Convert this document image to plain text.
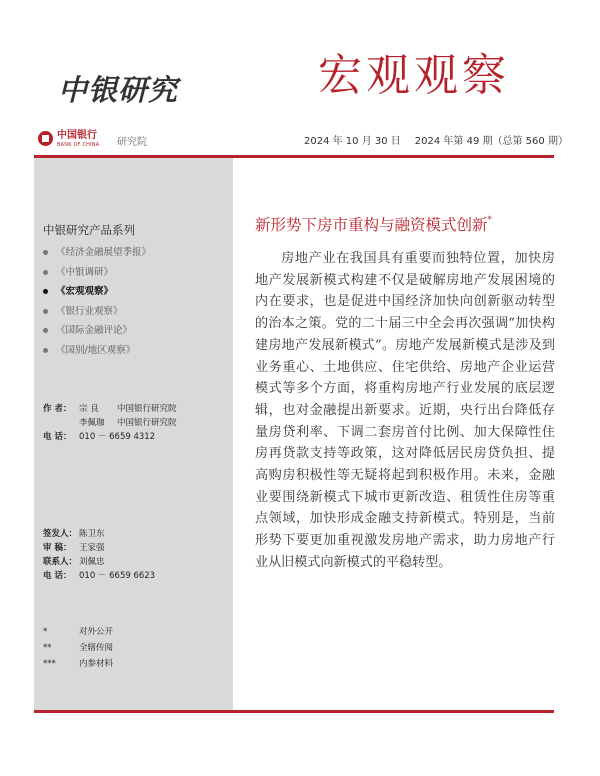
中银研究	宏观观察
中国银行
BANK OF CHINA 研究院	2024 年 10 月 30 日 2024 年第 49 期（总第 560 期）
中银研究产品系列
《经济金融展望季报》
《中银调研》
《宏观观察》
《银行业观察》
《国际金融评论》
《国别/地区观察》
作 者： 宗 良 中国银行研究院
李佩珈 中国银行研究院
电 话： 010 － 6659 4312
签发人： 陈卫东
审 稿： 王家强
联系人： 刘佩忠
电 话： 010 － 6659 6623
*	对外公开
**	全辖传阅
***	内参材料
新形势下房市重构与融资模式创新*

房地产业在我国具有重要而独特位置，加快房地产发展新模式构建不仅是破解房地产发展困境的内在要求，也是促进中国经济加快向创新驱动转型的治本之策。党的二十届三中全会再次强调“加快构建房地产发展新模式”。房地产发展新模式是涉及到业务重心、土地供应、住宅供给、房地产企业运营模式等多个方面，将重构房地产行业发展的底层逻辑，也对金融提出新要求。近期，央行出台降低存量房贷利率、下调二套房首付比例、加大保障性住房再贷款支持等政策，这对降低居民房贷负担、提高购房积极性等无疑将起到积极作用。未来，金融业要围绕新模式下城市更新改造、租赁性住房等重点领域，加快形成金融支持新模式。特别是，当前形势下要更加重视激发房地产需求，助力房地产行业从旧模式向新模式的平稳转型。
